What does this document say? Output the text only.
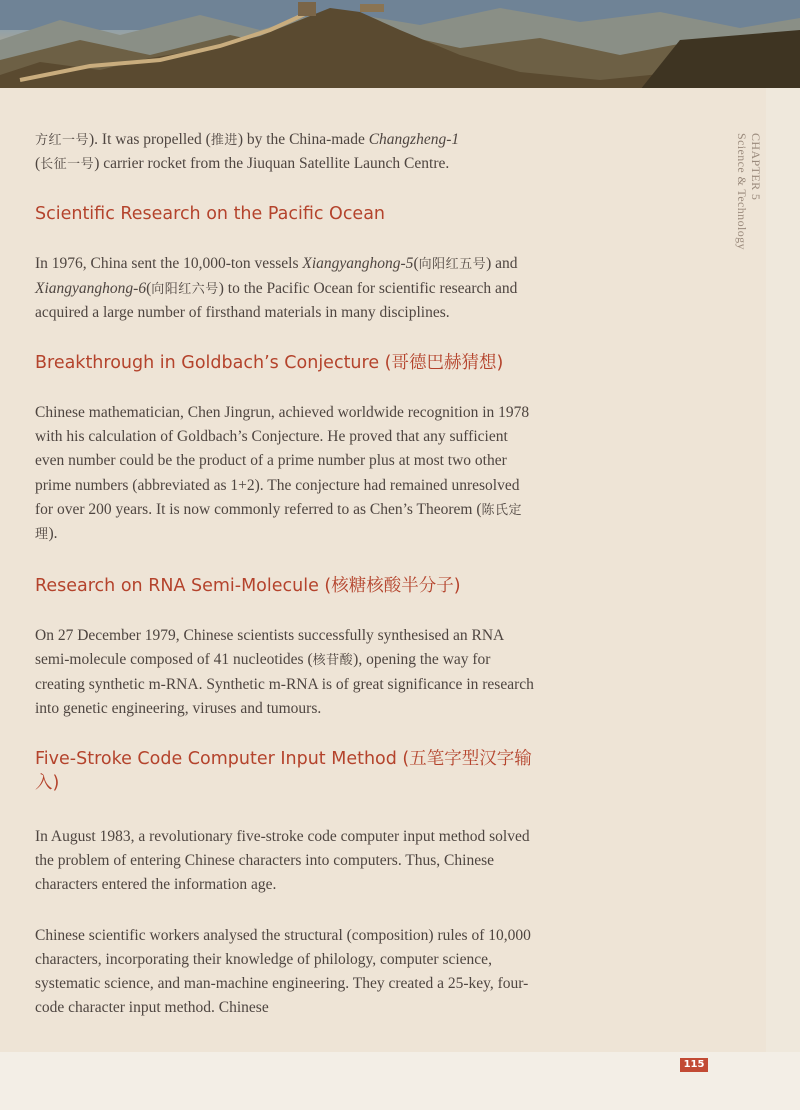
CHAPTER 5
Science & Technology

方红一号). It was propelled (推进) by the China-made Changzheng-1
(长征一号) carrier rocket from the Jiuquan Satellite Launch Centre.

Scientific Research on the Pacific Ocean

In 1976, China sent the 10,000-ton vessels Xiangyanghong-5(向阳红五号) and Xiangyanghong-6(向阳红六号) to the Pacific Ocean for scientific research and acquired a large number of firsthand materials in many disciplines.

Breakthrough in Goldbach’s Conjecture (哥德巴赫猜想)

Chinese mathematician, Chen Jingrun, achieved worldwide recognition in 1978 with his calculation of Goldbach’s Conjecture. He proved that any sufficient even number could be the product of a prime number plus at most two other prime numbers (abbreviated as 1+2). The conjecture had remained unresolved for over 200 years. It is now commonly referred to as Chen’s Theorem (陈氏定理).

Research on RNA Semi-Molecule (核糖核酸半分子)

On 27 December 1979, Chinese scientists successfully synthesised an RNA semi-molecule composed of 41 nucleotides (核苷酸), opening the way for creating synthetic m-RNA. Synthetic m-RNA is of great significance in research into genetic engineering, viruses and tumours.

Five-Stroke Code Computer Input Method (五笔字型汉字输入)

In August 1983, a revolutionary five-stroke code computer input method solved the problem of entering Chinese characters into computers. Thus, Chinese characters entered the information age.

Chinese scientific workers analysed the structural (composition) rules of 10,000 characters, incorporating their knowledge of philology, computer science, systematic science, and man-machine engineering. They created a 25-key, four-code character input method. Chinese

115
